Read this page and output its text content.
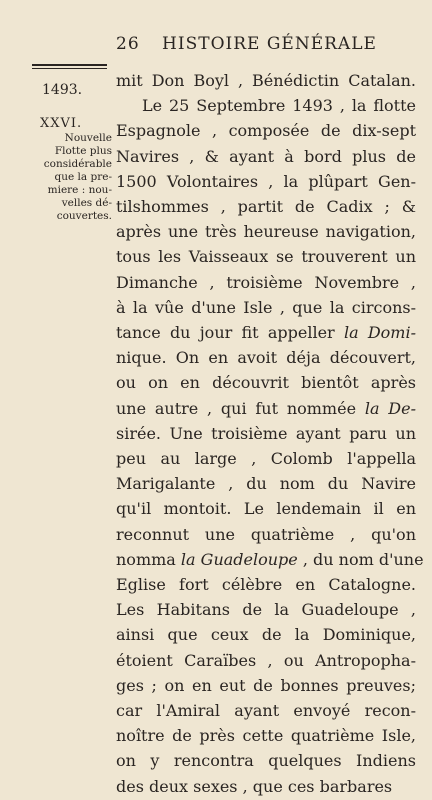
26 HISTOIRE GÉNÉRALE
1493.
XXVI.
Nouvelle
Flotte plus
considérable
que la pre-
miere : nou-
velles dé-
couvertes.
mit Don Boyl , Bénédictin Catalan.
Le 25 Septembre 1493 , la flotte
Espagnole , composée de dix-sept
Navires , & ayant à bord plus de
1500 Volontaires , la plûpart Gen-
tilshommes , partit de Cadix ; &
après une très heureuse navigation,
tous les Vaisseaux se trouverent un
Dimanche , troisième Novembre ,
à la vûe d'une Isle , que la circons-
tance du jour fit appeller la Domi-
nique. On en avoit déja découvert,
ou on en découvrit bientôt après
une autre , qui fut nommée la De-
sirée. Une troisième ayant paru un
peu au large , Colomb l'appella
Marigalante , du nom du Navire
qu'il montoit. Le lendemain il en
reconnut une quatrième , qu'on
nomma la Guadeloupe , du nom d'une
Eglise fort célèbre en Catalogne.
Les Habitans de la Guadeloupe ,
ainsi que ceux de la Dominique,
étoient Caraïbes , ou Antropopha-
ges ; on en eut de bonnes preuves;
car l'Amiral ayant envoyé recon-
noître de près cette quatrième Isle,
on y rencontra quelques Indiens
des deux sexes , que ces barbares
